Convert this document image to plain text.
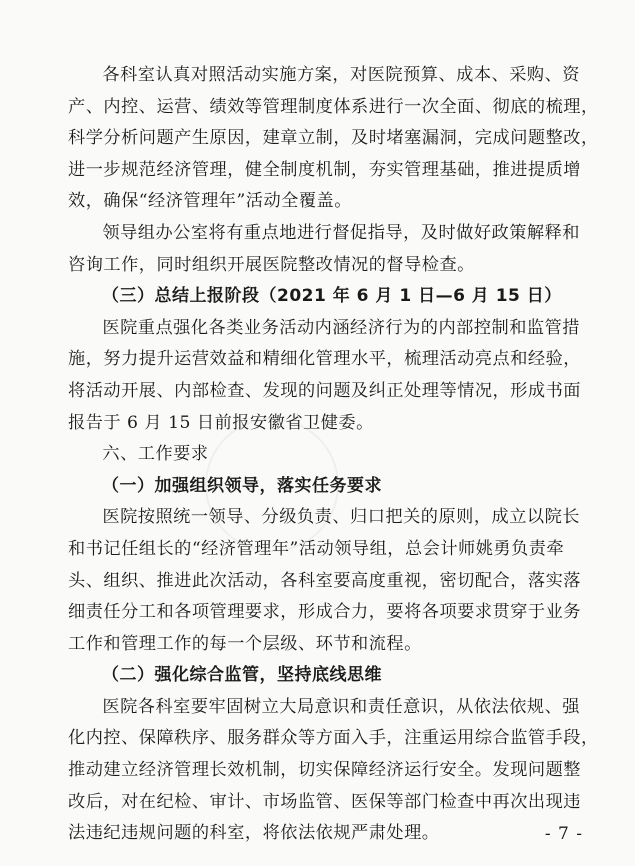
各科室认真对照活动实施方案，对医院预算、成本、采购、资
产、内控、运营、绩效等管理制度体系进行一次全面、彻底的梳理，
科学分析问题产生原因，建章立制，及时堵塞漏洞，完成问题整改，
进一步规范经济管理，健全制度机制，夯实管理基础，推进提质增
效，确保“经济管理年”活动全覆盖。

领导组办公室将有重点地进行督促指导，及时做好政策解释和
咨询工作，同时组织开展医院整改情况的督导检查。

（三）总结上报阶段（2021 年 6 月 1 日—6 月 15 日）

医院重点强化各类业务活动内涵经济行为的内部控制和监管措
施，努力提升运营效益和精细化管理水平，梳理活动亮点和经验，
将活动开展、内部检查、发现的问题及纠正处理等情况，形成书面
报告于 6 月 15 日前报安徽省卫健委。

六、工作要求

（一）加强组织领导，落实任务要求

医院按照统一领导、分级负责、归口把关的原则，成立以院长
和书记任组长的“经济管理年”活动领导组，总会计师姚勇负责牵
头、组织、推进此次活动，各科室要高度重视，密切配合，落实落
细责任分工和各项管理要求，形成合力，要将各项要求贯穿于业务
工作和管理工作的每一个层级、环节和流程。

（二）强化综合监管，坚持底线思维

医院各科室要牢固树立大局意识和责任意识，从依法依规、强
化内控、保障秩序、服务群众等方面入手，注重运用综合监管手段，
推动建立经济管理长效机制，切实保障经济运行安全。发现问题整
改后，对在纪检、审计、市场监管、医保等部门检查中再次出现违
法违纪违规问题的科室，将依法依规严肃处理。	- 7 -
